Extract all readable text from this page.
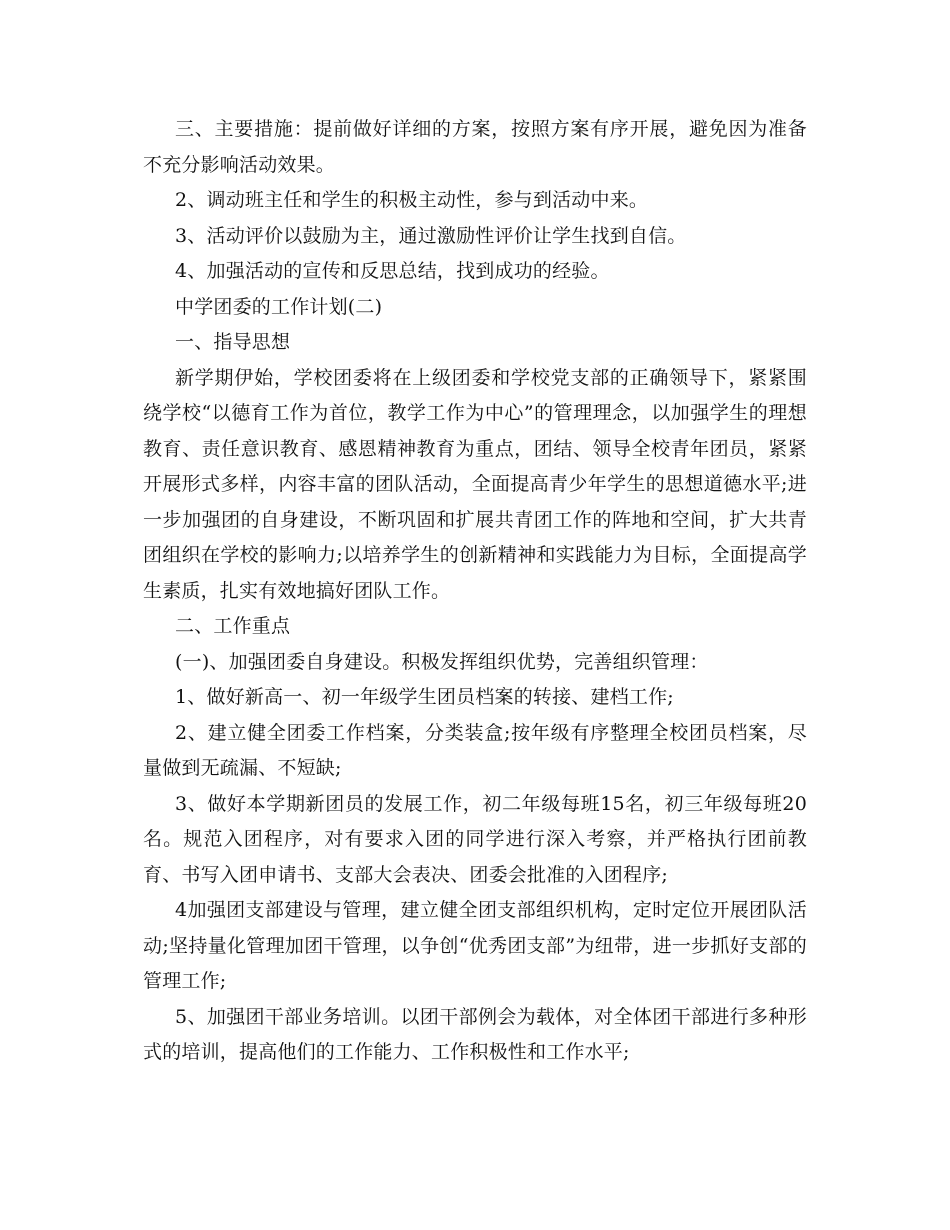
三、主要措施：提前做好详细的方案，按照方案有序开展，避免因为准备不充分影响活动效果。

2、调动班主任和学生的积极主动性，参与到活动中来。

3、活动评价以鼓励为主，通过激励性评价让学生找到自信。

4、加强活动的宣传和反思总结，找到成功的经验。

中学团委的工作计划(二)

一、指导思想

新学期伊始，学校团委将在上级团委和学校党支部的正确领导下，紧紧围绕学校“以德育工作为首位，教学工作为中心”的管理理念，以加强学生的理想教育、责任意识教育、感恩精神教育为重点，团结、领导全校青年团员，紧紧开展形式多样，内容丰富的团队活动，全面提高青少年学生的思想道德水平;进一步加强团的自身建设，不断巩固和扩展共青团工作的阵地和空间，扩大共青团组织在学校的影响力;以培养学生的创新精神和实践能力为目标，全面提高学生素质，扎实有效地搞好团队工作。

二、工作重点

(一)、加强团委自身建设。积极发挥组织优势，完善组织管理：

1、做好新高一、初一年级学生团员档案的转接、建档工作;

2、建立健全团委工作档案，分类装盒;按年级有序整理全校团员档案，尽量做到无疏漏、不短缺;

3、做好本学期新团员的发展工作，初二年级每班15名，初三年级每班20名。规范入团程序，对有要求入团的同学进行深入考察，并严格执行团前教育、书写入团申请书、支部大会表决、团委会批准的入团程序;

4加强团支部建设与管理，建立健全团支部组织机构，定时定位开展团队活动;坚持量化管理加团干管理，以争创“优秀团支部”为纽带，进一步抓好支部的管理工作;

5、加强团干部业务培训。以团干部例会为载体，对全体团干部进行多种形式的培训，提高他们的工作能力、工作积极性和工作水平;
